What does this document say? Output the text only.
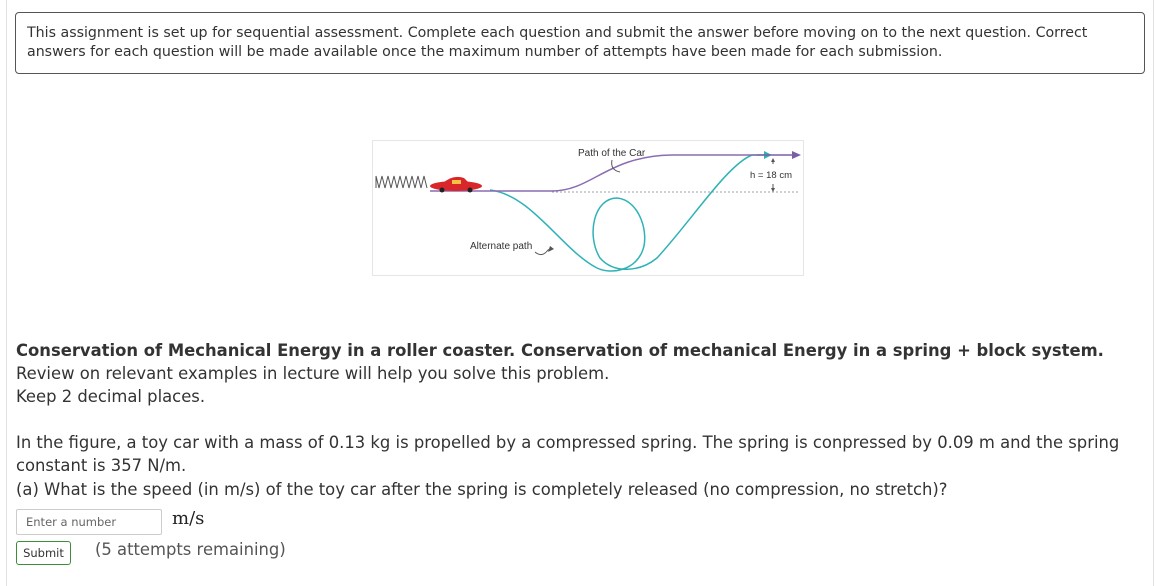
This assignment is set up for sequential assessment. Complete each question and submit the answer before moving on to the next question. Correct answers for each question will be made available once the maximum number of attempts have been made for each submission.
Path of the Car
Alternate path
h = 18 cm
Conservation of Mechanical Energy in a roller coaster. Conservation of mechanical Energy in a spring + block system.
Review on relevant examples in lecture will help you solve this problem.
Keep 2 decimal places.
In the figure, a toy car with a mass of 0.13 kg is propelled by a compressed spring. The spring is conpressed by 0.09 m and the spring constant is 357 N/m.
(a) What is the speed (in m/s) of the toy car after the spring is completely released (no compression, no stretch)?
Enter a number
m/s
Submit	(5 attempts remaining)
